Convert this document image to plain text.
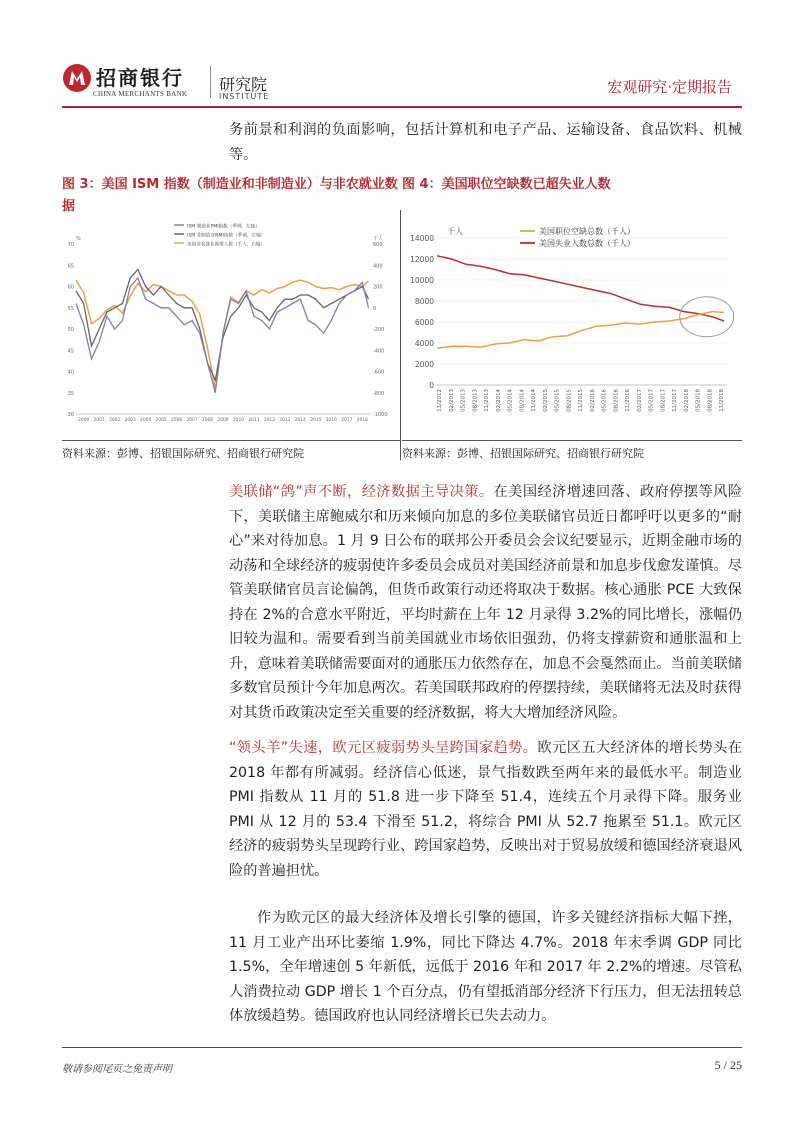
招商银行
CHINA MERCHANTS BANK 研究院
INSTITUTE
宏观研究·定期报告
务前景和利润的负面影响，包括计算机和电子产品、运输设备、食品饮料、机械等。
图 3：美国 ISM 指数（制造业和非制造业）与非农就业数据
图 4：美国职位空缺数已超失业人数
ISM 制造业PMI指数（季调，左轴）
ISM 非制造业NMI指数（季调，左轴）
美国非农就业新增人数（千人，右轴）
%	千人
70
65
60
55
50
45
40
35
30
600
400
200
0
-200
-400
-600
-800
-1000
2000 2001 2002 2003 2004 2005 2006 2007 2008 2009 2010 2011 2012 2013 2014 2015 2016 2017 2018
美国职位空缺总数（千人）
美国失业人数总数（千人）
千人
14000
12000
10000
8000
6000
4000
2000
0
11/2012 02/2013 05/2013 08/2013 11/2013 02/2014 05/2014 08/2014 11/2014 02/2015 05/2015 08/2015 11/2015 02/2016 05/2016 08/2016 11/2016 02/2017 05/2017 08/2017 11/2017 02/2018 05/2018 08/2018 11/2018
资料来源：彭博、招银国际研究、招商银行研究院	资料来源：彭博、招银国际研究、招商银行研究院
美联储“鸽”声不断，经济数据主导决策。在美国经济增速回落、政府停摆等风险下，美联储主席鲍威尔和历来倾向加息的多位美联储官员近日都呼吁以更多的“耐心”来对待加息。1 月 9 日公布的联邦公开委员会会议纪要显示，近期金融市场的动荡和全球经济的疲弱使许多委员会成员对美国经济前景和加息步伐愈发谨慎。尽管美联储官员言论偏鸽，但货币政策行动还将取决于数据。核心通胀 PCE 大致保持在 2%的合意水平附近，平均时薪在上年 12 月录得 3.2%的同比增长，涨幅仍旧较为温和。需要看到当前美国就业市场依旧强劲，仍将支撑薪资和通胀温和上升，意味着美联储需要面对的通胀压力依然存在，加息不会戛然而止。当前美联储多数官员预计今年加息两次。若美国联邦政府的停摆持续，美联储将无法及时获得对其货币政策决定至关重要的经济数据，将大大增加经济风险。
“领头羊”失速，欧元区疲弱势头呈跨国家趋势。欧元区五大经济体的增长势头在 2018 年都有所减弱。经济信心低迷，景气指数跌至两年来的最低水平。制造业 PMI 指数从 11 月的 51.8 进一步下降至 51.4，连续五个月录得下降。服务业 PMI 从 12 月的 53.4 下滑至 51.2，将综合 PMI 从 52.7 拖累至 51.1。欧元区经济的疲弱势头呈现跨行业、跨国家趋势，反映出对于贸易放缓和德国经济衰退风险的普遍担忧。
作为欧元区的最大经济体及增长引擎的德国，许多关键经济指标大幅下挫，11 月工业产出环比萎缩 1.9%，同比下降达 4.7%。2018 年末季调 GDP 同比 1.5%，全年增速创 5 年新低，远低于 2016 年和 2017 年 2.2%的增速。尽管私人消费拉动 GDP 增长 1 个百分点，仍有望抵消部分经济下行压力，但无法扭转总体放缓趋势。德国政府也认同经济增长已失去动力。
敬请参阅尾页之免责声明	5 / 25
